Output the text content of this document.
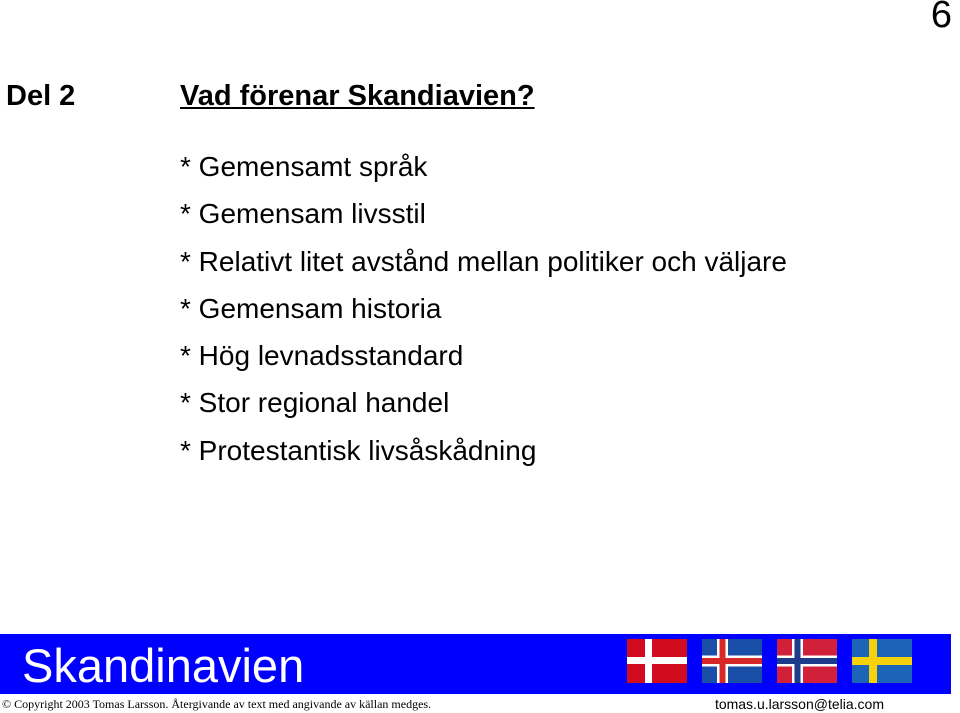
6
Del 2	Vad förenar Skandiavien?
* Gemensamt språk
* Gemensam livsstil
* Relativt litet avstånd mellan politiker och väljare
* Gemensam historia
* Hög levnadsstandard
* Stor regional handel
* Protestantisk livsåskådning
Skandinavien
© Copyright 2003 Tomas Larsson. Återgivande av text med angivande av källan medges.	tomas.u.larsson@telia.com
